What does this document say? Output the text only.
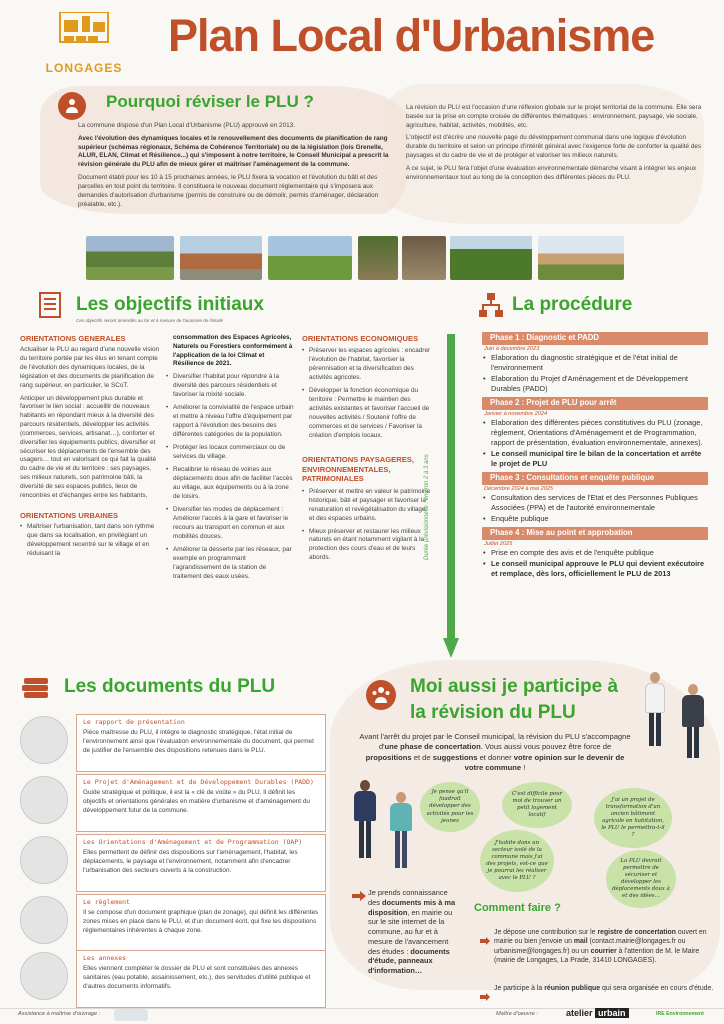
LONGAGES
Plan Local d'Urbanisme
Pourquoi réviser le PLU ?

La commune dispose d'un Plan Local d'Urbanisme (PLU) approuvé en 2013.

Avec l'évolution des dynamiques locales et le renouvellement des documents de planification de rang supérieur (schémas régionaux, Schéma de Cohérence Territoriale) ou de la législation (lois Grenelle, ALUR, ELAN, Climat et Résilience...) qui s'imposent à notre territoire, le Conseil Municipal a prescrit la révision générale du PLU afin de mieux gérer et maîtriser l'aménagement de la commune.

Document établi pour les 10 à 15 prochaines années, le PLU fixera la vocation et l'évolution du bâti et des parcelles en tout point du territoire. Il constituera le nouveau document réglementaire qui s'imposera aux demandes d'autorisation d'urbanisme (permis de construire ou de démolir, permis d'aménager, déclaration préalable, etc.).

La révision du PLU est l'occasion d'une réflexion globale sur le projet territorial de la commune. Elle sera basée sur la prise en compte croisée de différentes thématiques : environnement, paysage, vie sociale, agriculture, habitat, activités, mobilités, etc.

L'objectif est d'écrire une nouvelle page du développement communal dans une logique d'évolution durable du territoire et selon un principe d'intérêt général avec l'exigence forte de conforter la qualité des paysages et du cadre de vie et de protéger et valoriser les milieux naturels.

A ce sujet, le PLU fera l'objet d'une évaluation environnementale démarche visant à intégrer les enjeux environnementaux tout au long de la conception des différentes pièces du PLU.

Les objectifs initiaux
Ces objectifs seront amendés au fur et à mesure de l'avancée de l'étude
ORIENTATIONS GENERALES

Actualiser le PLU au regard d'une nouvelle vision du territoire portée par les élus en tenant compte de l'évolution des dynamiques locales, de la législation et des documents de planification de rang supérieur, en particulier, le SCoT.

Anticiper un développement plus durable et favoriser le lien social : accueillir de nouveaux habitants en répondant mieux à la diversité des parcours résidentiels, développer les activités (commerces, services, artisanat…), conforter et diversifier les équipements publics, diversifier et sécuriser les déplacements de l'ensemble des usagers… tout en valorisant ce qui fait la qualité du cadre de vie et du territoire : ses paysages, ses milieux naturels, son patrimoine bâti, la diversité de ses espaces publics, lieux de rencontres et d'échanges entre les habitants,

ORIENTATIONS URBAINES
• Maîtriser l'urbanisation, tant dans son rythme que dans sa localisation, en privilégiant un développement recentré sur le village et en réduisant la

consommation des Espaces Agricoles, Naturels ou Forestiers conformément à l'application de la loi Climat et Résilience de 2021.

• Diversifier l'habitat pour répondre à la diversité des parcours résidentiels et favoriser la mixité sociale.
• Améliorer la convivialité de l'espace urbain et mettre à niveau l'offre d'équipement par rapport à l'évolution des besoins des différentes catégories de la population.
• Protéger les locaux commerciaux ou de services du village.
• Recalibrer le réseau de voiries aux déplacements doux afin de faciliter l'accès au village, aux équipements ou à la zone de loisirs.
• Diversifier les modes de déplacement : Améliorer l'accès à la gare et favoriser le recours au transport en commun et aux mobilités douces.
• Améliorer la desserte par les réseaux, par exemple en programmant l'agrandissement de la station de traitement des eaux usées.
ORIENTATIONS ECONOMIQUES
• Préserver les espaces agricoles : encadrer l'évolution de l'habitat, favoriser la pérennisation et la diversification des activités agricoles.
• Développer la fonction économique du territoire : Permettre le maintien des activités existantes et favoriser l'accueil de nouvelles activités / Soutenir l'offre de commerces et de services / Favoriser la création d'emplois locaux.
ORIENTATIONS PAYSAGERES, ENVIRONNEMENTALES, PATRIMONIALES
• Préserver et mettre en valeur le patrimoine historique, bâti et paysager et favoriser la renaturation et revégétalisation du village et des espaces urbains.
• Mieux préserver et restaurer les milieux naturels en étant notamment vigilant à la protection des cours d'eau et de leurs abords.
La procédure
Durée prévisionnelle : environ 2 à 3 ans
Phase 1 : Diagnostic et PADD
Juin à décembre 2023
• Elaboration du diagnostic stratégique et de l'état initial de l'environnement
• Elaboration du Projet d'Aménagement et de Développement Durables (PADD)
Phase 2 : Projet de PLU pour arrêt
Janvier à novembre 2024
• Elaboration des différentes pièces constitutives du PLU (zonage, règlement, Orientations d'Aménagement et de Programmation, rapport de présentation, évaluation environnementale, annexes).
• Le conseil municipal tire le bilan de la concertation et arrête le projet de PLU
Phase 3 : Consultations et enquête publique
Décembre 2024 à mai 2025
• Consultation des services de l'Etat et des Personnes Publiques Associées (PPA) et de l'autorité environnementale
• Enquête publique
Phase 4 : Mise au point et approbation
Juillet 2025
• Prise en compte des avis et de l'enquête publique
• Le conseil municipal approuve le PLU qui devient exécutoire et remplace, dès lors, officiellement le PLU de 2013
Les documents du PLU
Le rapport de présentation

Pièce maîtresse du PLU, il intègre le diagnostic stratégique, l'état initial de l'environnement ainsi que l'évaluation environnementale du document, qui permet de justifier de l'ensemble des dispositions retenues dans le PLU.

Le Projet d'Aménagement et de Développement Durables (PADD)

Guide stratégique et politique, il est la « clé de voûte » du PLU. Il définit les objectifs et orientations générales en matière d'urbanisme et d'aménagement du développement futur de la commune.

Les Orientations d'Aménagement et de Programmation (OAP)

Elles permettent de définir des dispositions sur l'aménagement, l'habitat, les déplacements, le paysage et l'environnement, notamment afin d'encadrer l'urbanisation des secteurs ouverts à la construction.

Le règlement

Il se compose d'un document graphique (plan de zonage), qui définit les différentes zones mises en place dans le PLU, et d'un document écrit, qui fixe les dispositions réglementaires inhérentes à chaque zone.

Les annexes

Elles viennent compléter le dossier de PLU et sont constituées des annexes sanitaires (eau potable, assainissement, etc.), des servitudes d'utilité publique et d'autres documents informatifs.

Moi aussi je participe à
la révision du PLU
Avant l'arrêt du projet par le Conseil municipal, la révision du PLU s'accompagne d'une phase de concertation. Vous aussi vous pouvez être force de propositions et de suggestions et donner votre opinion sur le devenir de votre commune !
Je pense qu'il faudrait développer des activités pour les jeunes
C'est difficile pour moi de trouver un petit logement locatif
J'ai un projet de transformation d'un ancien bâtiment agricole en habitation, le PLU le permettra-t-il ?
J'habite dans un secteur isolé de la commune mais j'ai des projets, est-ce que je pourrai les réaliser avec le PLU ?
La PLU devrait permettre de sécuriser et développer les déplacements doux à et des idées…
Je prends connaissance des documents mis à ma disposition, en mairie ou sur le site internet de la commune, au fur et à mesure de l'avancement des études : documents d'étude, panneaux d'information…
Comment faire ?
Je dépose une contribution sur le registre de concertation ouvert en mairie ou bien j'envoie un mail (contact.mairie@longages.fr ou urbanisme@longages.fr) ou un courrier à l'attention de M. le Maire (mairie de Longages, La Prade, 31410 LONGAGES).
Je participe à la réunion publique qui sera organisée en cours d'étude.
Assistance à maîtrise d'ouvrage :	Maître d'oeuvre :	atelier urbain	IRE Environnement
